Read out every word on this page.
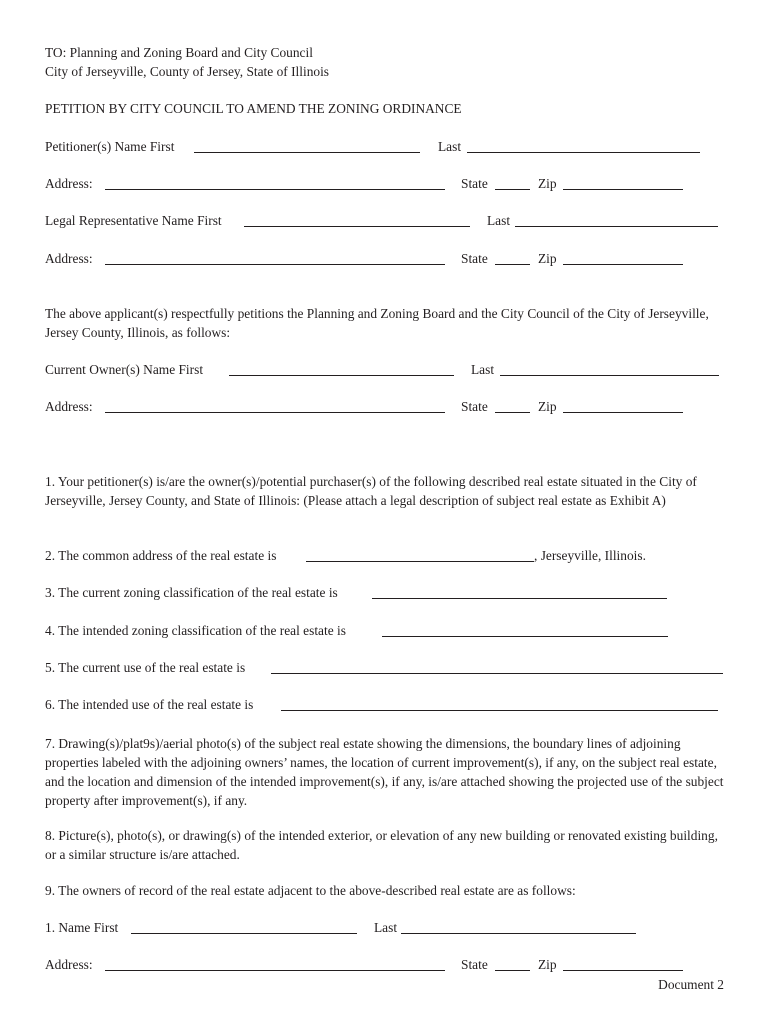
TO: Planning and Zoning Board and City Council
City of Jerseyville, County of Jersey, State of Illinois
PETITION BY CITY COUNCIL TO AMEND THE ZONING ORDINANCE
Petitioner(s) Name First	Last
Address:	State	Zip
Legal Representative Name First	Last
Address:	State	Zip
The above applicant(s) respectfully petitions the Planning and Zoning Board and the City Council of the City of Jerseyville, Jersey County, Illinois, as follows:
Current Owner(s) Name First	Last
Address:	State	Zip
1. Your petitioner(s) is/are the owner(s)/potential purchaser(s) of the following described real estate situated in the City of Jerseyville, Jersey County, and State of Illinois: (Please attach a legal description of subject real estate as Exhibit A)
2. The common address of the real estate is	, Jerseyville, Illinois.
3. The current zoning classification of the real estate is
4. The intended zoning classification of the real estate is
5. The current use of the real estate is
6. The intended use of the real estate is
7. Drawing(s)/plat9s)/aerial photo(s) of the subject real estate showing the dimensions, the boundary lines of adjoining properties labeled with the adjoining owners’ names, the location of current improvement(s), if any, on the subject real estate, and the location and dimension of the intended improvement(s), if any, is/are attached showing the projected use of the subject property after improvement(s), if any.
8. Picture(s), photo(s), or drawing(s) of the intended exterior, or elevation of any new building or renovated existing building, or a similar structure is/are attached.
9. The owners of record of the real estate adjacent to the above-described real estate are as follows:
1. Name First	Last
Address:	State	Zip
Document 2
